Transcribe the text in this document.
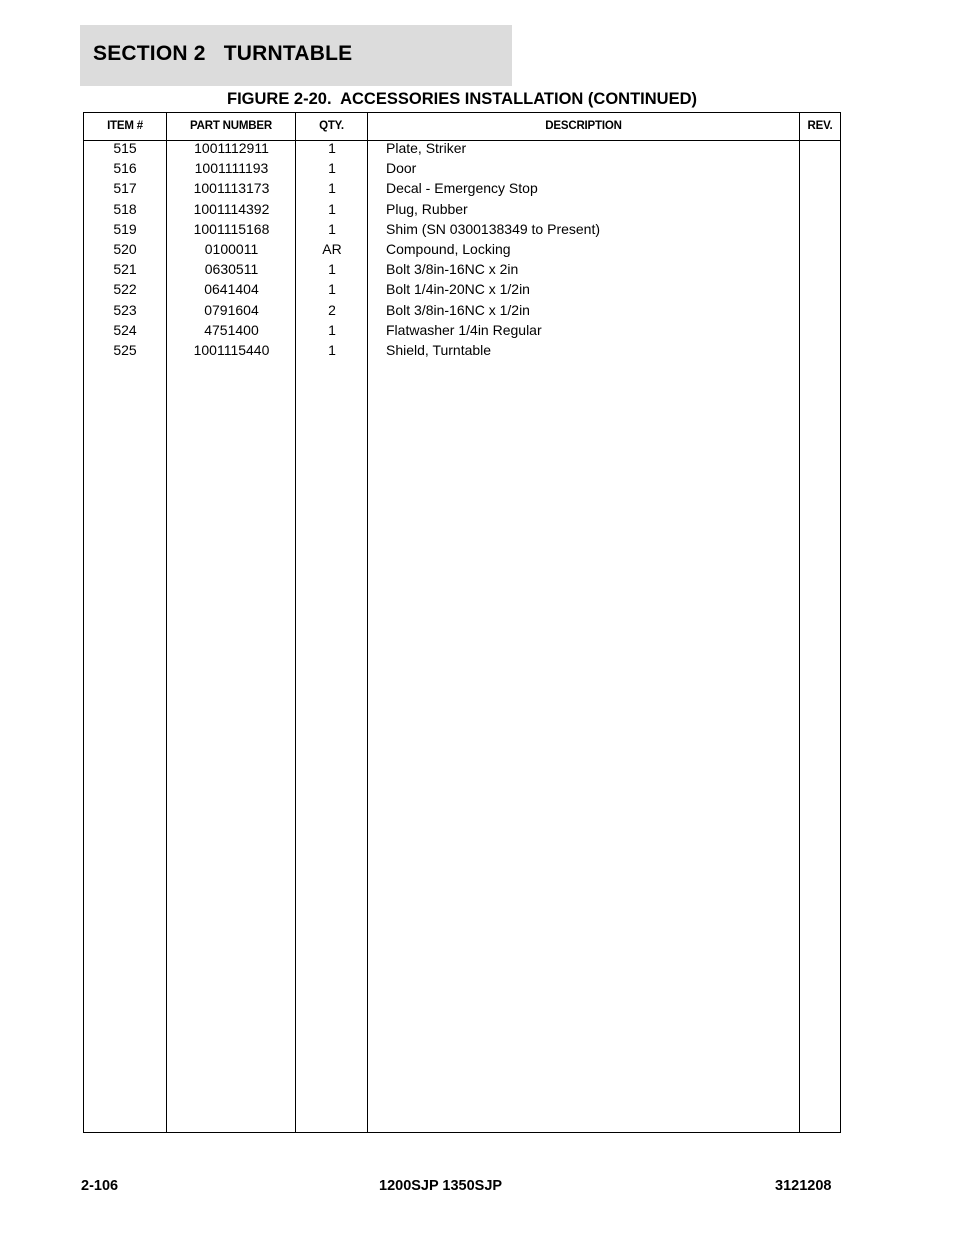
SECTION 2   TURNTABLE
FIGURE 2-20.  ACCESSORIES INSTALLATION (CONTINUED)
ITEM #	PART NUMBER	QTY.	DESCRIPTION	REV.
515	1001112911	1	Plate, Striker
516	1001111193	1	Door
517	1001113173	1	Decal - Emergency Stop
518	1001114392	1	Plug, Rubber
519	1001115168	1	Shim (SN 0300138349 to Present)
520	0100011	AR	Compound, Locking
521	0630511	1	Bolt 3/8in-16NC x 2in
522	0641404	1	Bolt 1/4in-20NC x 1/2in
523	0791604	2	Bolt 3/8in-16NC x 1/2in
524	4751400	1	Flatwasher 1/4in Regular
525	1001115440	1	Shield, Turntable
2-106	1200SJP 1350SJP	3121208
